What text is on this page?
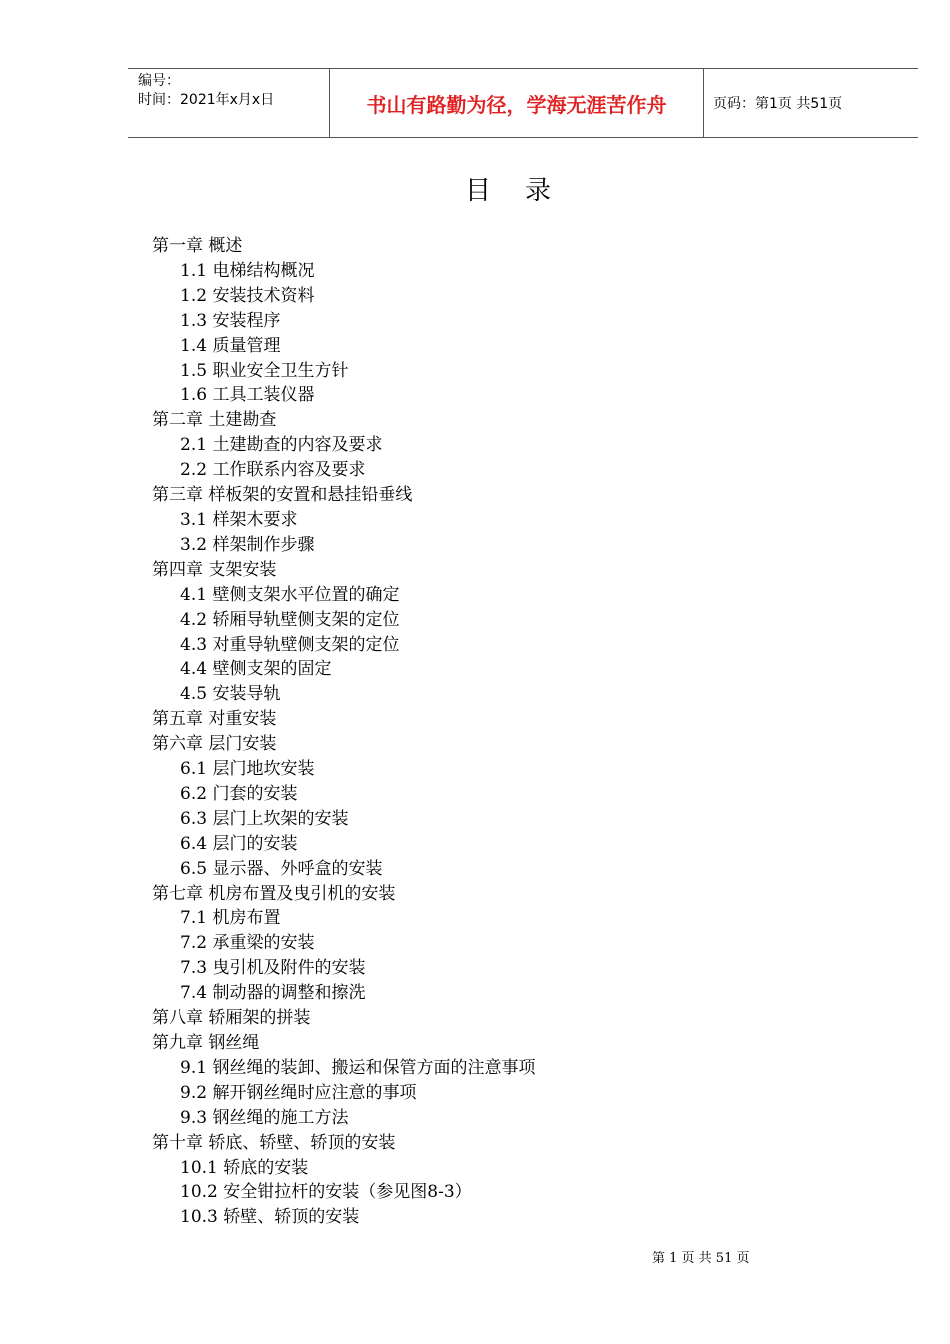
编号：
时间：2021年x月x日	书山有路勤为径，学海无涯苦作舟	页码：第1页 共51页
目录
第一章 概述
1.1 电梯结构概况
1.2 安装技术资料
1.3 安装程序
1.4 质量管理
1.5 职业安全卫生方针
1.6 工具工装仪器
第二章 土建勘查
2.1 土建勘查的内容及要求
2.2 工作联系内容及要求
第三章 样板架的安置和悬挂铅垂线
3.1 样架木要求
3.2 样架制作步骤
第四章 支架安装
4.1 壁侧支架水平位置的确定
4.2 轿厢导轨壁侧支架的定位
4.3 对重导轨壁侧支架的定位
4.4 壁侧支架的固定
4.5 安装导轨
第五章 对重安装
第六章 层门安装
6.1 层门地坎安装
6.2 门套的安装
6.3 层门上坎架的安装
6.4 层门的安装
6.5 显示器、外呼盒的安装
第七章 机房布置及曳引机的安装
7.1 机房布置
7.2 承重梁的安装
7.3 曳引机及附件的安装
7.4 制动器的调整和擦洗
第八章 轿厢架的拼装
第九章 钢丝绳
9.1 钢丝绳的装卸、搬运和保管方面的注意事项
9.2 解开钢丝绳时应注意的事项
9.3 钢丝绳的施工方法
第十章 轿底、轿壁、轿顶的安装
10.1 轿底的安装
10.2 安全钳拉杆的安装（参见图8-3）
10.3 轿壁、轿顶的安装
第 1 页 共 51 页
